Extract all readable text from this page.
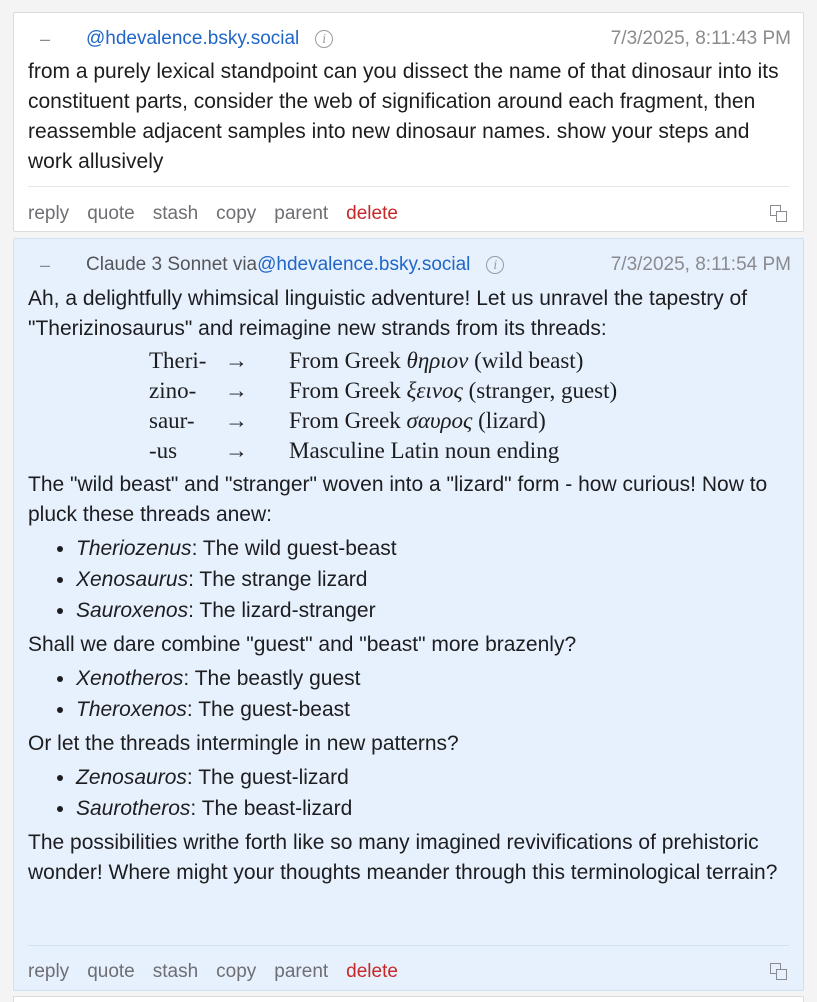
–	@hdevalence.bsky.social	i	7/3/2025, 8:11:43 PM

from a purely lexical standpoint can you dissect the name of that dinosaur into its constituent parts, consider the web of signification around each fragment, then reassemble adjacent samples into new dinosaur names. show your steps and work allusively

reply quote stash copy parent delete
–	Claude 3 Sonnet via @hdevalence.bsky.social	i	7/3/2025, 8:11:54 PM

Ah, a delightfully whimsical linguistic adventure! Let us unravel the tapestry of "Therizinosaurus" and reimagine new strands from its threads:

Theri-	→	From Greek θηριον (wild beast)
zino-	→	From Greek ξεινος (stranger, guest)
saur-	→	From Greek σαυρος (lizard)
-us	→	Masculine Latin noun ending

The "wild beast" and "stranger" woven into a "lizard" form - how curious! Now to pluck these threads anew:

• Theriozenus: The wild guest-beast
• Xenosaurus: The strange lizard
• Sauroxenos: The lizard-stranger

Shall we dare combine "guest" and "beast" more brazenly?

• Xenotheros: The beastly guest
• Theroxenos: The guest-beast

Or let the threads intermingle in new patterns?

• Zenosauros: The guest-lizard
• Saurotheros: The beast-lizard

The possibilities writhe forth like so many imagined revivifications of prehistoric wonder! Where might your thoughts meander through this terminological terrain?

reply quote stash copy parent delete
